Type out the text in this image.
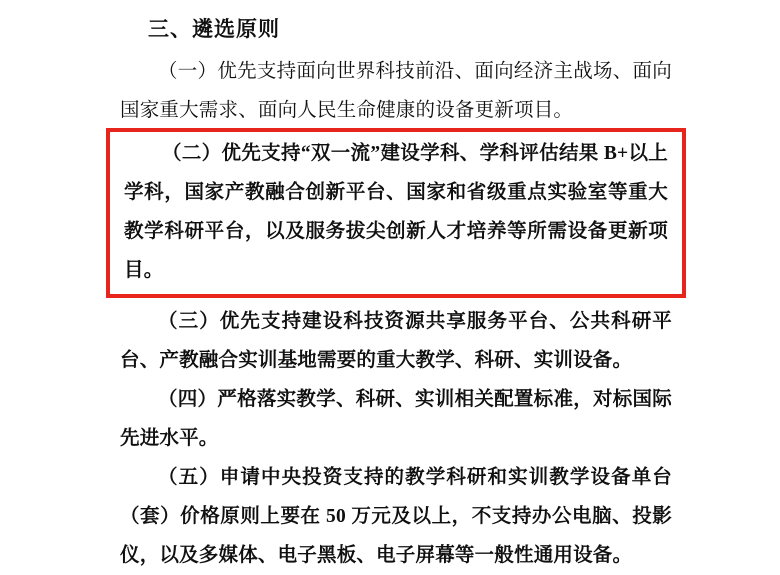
三、遴选原则

（一）优先支持面向世界科技前沿、面向经济主战场、面向国家重大需求、面向人民生命健康的设备更新项目。

（二）优先支持“双一流”建设学科、学科评估结果 B+以上学科，国家产教融合创新平台、国家和省级重点实验室等重大教学科研平台，以及服务拔尖创新人才培养等所需设备更新项目。

（三）优先支持建设科技资源共享服务平台、公共科研平台、产教融合实训基地需要的重大教学、科研、实训设备。

（四）严格落实教学、科研、实训相关配置标准，对标国际先进水平。

（五）申请中央投资支持的教学科研和实训教学设备单台（套）价格原则上要在 50 万元及以上，不支持办公电脑、投影仪，以及多媒体、电子黑板、电子屏幕等一般性通用设备。
